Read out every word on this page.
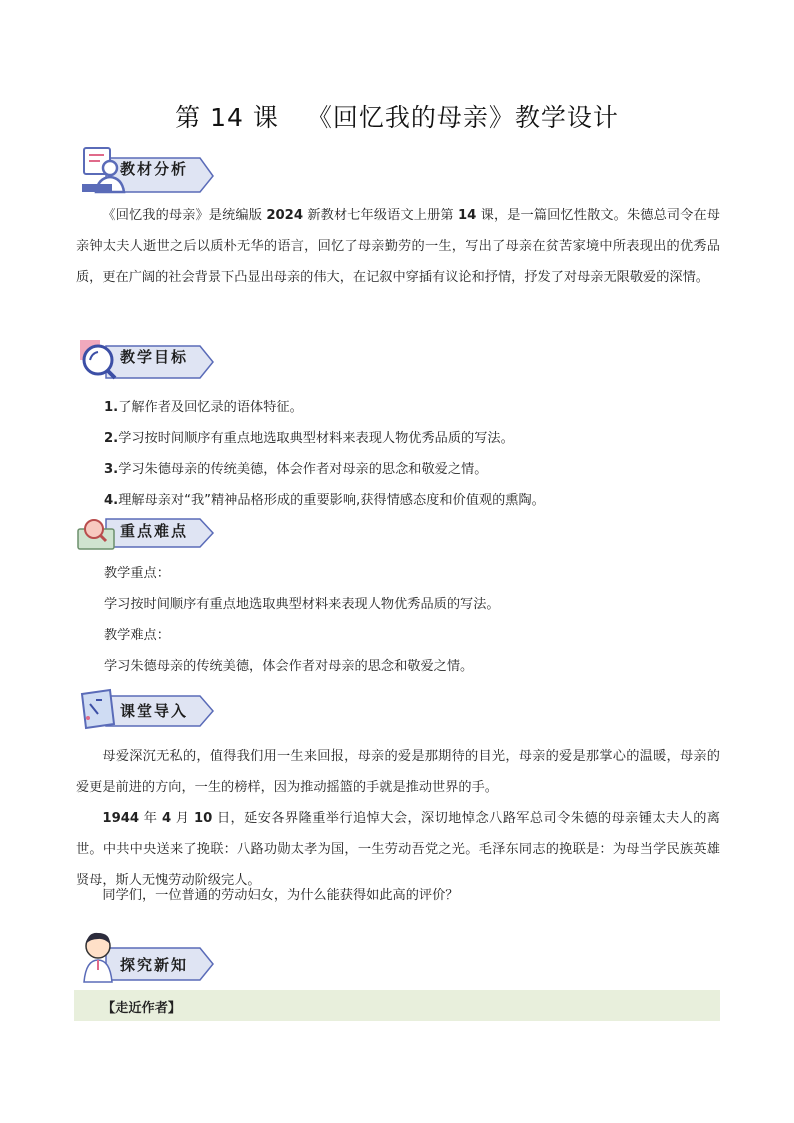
第 14 课 《回忆我的母亲》教学设计
教材分析
《回忆我的母亲》是统编版 2024 新教材七年级语文上册第 14 课，是一篇回忆性散文。朱德总司令在母亲钟太夫人逝世之后以质朴无华的语言，回忆了母亲勤劳的一生，写出了母亲在贫苦家境中所表现出的优秀品质，更在广阔的社会背景下凸显出母亲的伟大，在记叙中穿插有议论和抒情，抒发了对母亲无限敬爱的深情。
教学目标
1.了解作者及回忆录的语体特征。
2.学习按时间顺序有重点地选取典型材料来表现人物优秀品质的写法。
3.学习朱德母亲的传统美德，体会作者对母亲的思念和敬爱之情。
4.理解母亲对“我”精神品格形成的重要影响,获得情感态度和价值观的熏陶。
重点难点
教学重点：
学习按时间顺序有重点地选取典型材料来表现人物优秀品质的写法。
教学难点：
学习朱德母亲的传统美德，体会作者对母亲的思念和敬爱之情。
课堂导入
母爱深沉无私的，值得我们用一生来回报，母亲的爱是那期待的目光，母亲的爱是那掌心的温暖，母亲的爱更是前进的方向，一生的榜样，因为推动摇篮的手就是推动世界的手。
1944 年 4 月 10 日，延安各界隆重举行追悼大会，深切地悼念八路军总司令朱德的母亲锺太夫人的离世。中共中央送来了挽联：八路功勋太孝为国，一生劳动吾党之光。毛泽东同志的挽联是：为母当学民族英雄贤母，斯人无愧劳动阶级完人。
同学们，一位普通的劳动妇女，为什么能获得如此高的评价？
探究新知
【走近作者】
